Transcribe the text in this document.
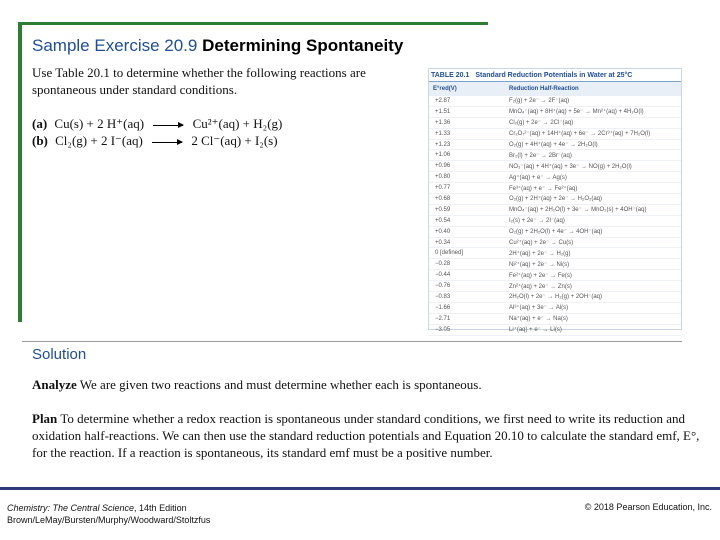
Sample Exercise 20.9 Determining Spontaneity
Use Table 20.1 to determine whether the following reactions are spontaneous under standard conditions.
(a) Cu(s) + 2 H⁺(aq)	Cu²⁺(aq) + H₂(g)
(b) Cl₂(g) + 2 I⁻(aq)	2 Cl⁻(aq) + I₂(s)
TABLE 20.1 Standard Reduction Potentials in Water at 25°C
E°red(V)	Reduction Half-Reaction
+2.87	F₂(g) + 2e⁻ → 2F⁻(aq)
+1.51	MnO₄⁻(aq) + 8H⁺(aq) + 5e⁻ → Mn²⁺(aq) + 4H₂O(l)
+1.36	Cl₂(g) + 2e⁻ → 2Cl⁻(aq)
+1.33	Cr₂O₇²⁻(aq) + 14H⁺(aq) + 6e⁻ → 2Cr³⁺(aq) + 7H₂O(l)
+1.23	O₂(g) + 4H⁺(aq) + 4e⁻ → 2H₂O(l)
+1.06	Br₂(l) + 2e⁻ → 2Br⁻(aq)
+0.96	NO₃⁻(aq) + 4H⁺(aq) + 3e⁻ → NO(g) + 2H₂O(l)
+0.80	Ag⁺(aq) + e⁻ → Ag(s)
+0.77	Fe³⁺(aq) + e⁻ → Fe²⁺(aq)
+0.68	O₂(g) + 2H⁺(aq) + 2e⁻ → H₂O₂(aq)
+0.59	MnO₄⁻(aq) + 2H₂O(l) + 3e⁻ → MnO₂(s) + 4OH⁻(aq)
+0.54	I₂(s) + 2e⁻ → 2I⁻(aq)
+0.40	O₂(g) + 2H₂O(l) + 4e⁻ → 4OH⁻(aq)
+0.34	Cu²⁺(aq) + 2e⁻ → Cu(s)
0 [defined]	2H⁺(aq) + 2e⁻ → H₂(g)
−0.28	Ni²⁺(aq) + 2e⁻ → Ni(s)
−0.44	Fe²⁺(aq) + 2e⁻ → Fe(s)
−0.76	Zn²⁺(aq) + 2e⁻ → Zn(s)
−0.83	2H₂O(l) + 2e⁻ → H₂(g) + 2OH⁻(aq)
−1.66	Al³⁺(aq) + 3e⁻ → Al(s)
−2.71	Na⁺(aq) + e⁻ → Na(s)
−3.05	Li⁺(aq) + e⁻ → Li(s)
Solution
Analyze We are given two reactions and must determine whether each is spontaneous.
Plan To determine whether a redox reaction is spontaneous under standard conditions, we first need to write its reduction and oxidation half-reactions. We can then use the standard reduction potentials and Equation 20.10 to calculate the standard emf, E°, for the reaction. If a reaction is spontaneous, its standard emf must be a positive number.
Chemistry: The Central Science, 14th Edition
Brown/LeMay/Bursten/Murphy/Woodward/Stoltzfus
© 2018 Pearson Education, Inc.
